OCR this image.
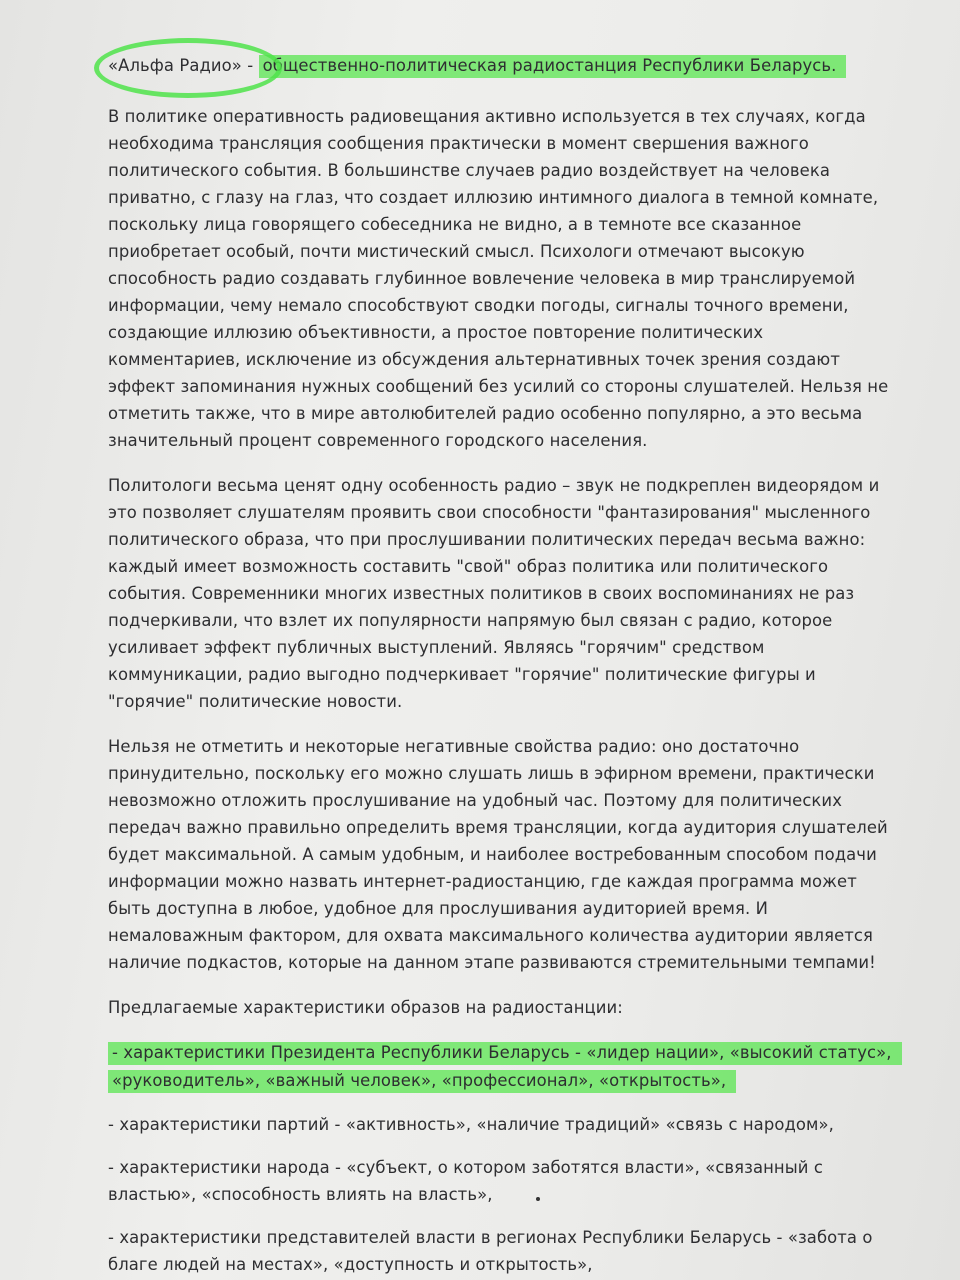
«Альфа Радио» - общественно-политическая радиостанция Республики Беларусь.

В политике оперативность радиовещания активно используется в тех случаях, когда необходима трансляция сообщения практически в момент свершения важного политического события. В большинстве случаев радио воздействует на человека приватно, с глазу на глаз, что создает иллюзию интимного диалога в темной комнате, поскольку лица говорящего собеседника не видно, а в темноте все сказанное приобретает особый, почти мистический смысл. Психологи отмечают высокую способность радио создавать глубинное вовлечение человека в мир транслируемой информации, чему немало способствуют сводки погоды, сигналы точного времени, создающие иллюзию объективности, а простое повторение политических комментариев, исключение из обсуждения альтернативных точек зрения создают эффект запоминания нужных сообщений без усилий со стороны слушателей. Нельзя не отметить также, что в мире автолюбителей радио особенно популярно, а это весьма значительный процент современного городского населения.

Политологи весьма ценят одну особенность радио – звук не подкреплен видеорядом и это позволяет слушателям проявить свои способности "фантазирования" мысленного политического образа, что при прослушивании политических передач весьма важно: каждый имеет возможность составить "свой" образ политика или политического события. Современники многих известных политиков в своих воспоминаниях не раз подчеркивали, что взлет их популярности напрямую был связан с радио, которое усиливает эффект публичных выступлений. Являясь "горячим" средством коммуникации, радио выгодно подчеркивает "горячие" политические фигуры и "горячие" политические новости.

Нельзя не отметить и некоторые негативные свойства радио: оно достаточно принудительно, поскольку его можно слушать лишь в эфирном времени, практически невозможно отложить прослушивание на удобный час. Поэтому для политических передач важно правильно определить время трансляции, когда аудитория слушателей будет максимальной. А самым удобным, и наиболее востребованным способом подачи информации можно назвать интернет-радиостанцию, где каждая программа может быть доступна в любое, удобное для прослушивания аудиторией время. И немаловажным фактором, для охвата максимального количества аудитории является наличие подкастов, которые на данном этапе развиваются стремительными темпами!

Предлагаемые характеристики образов на радиостанции:

- характеристики Президента Республики Беларусь - «лидер нации», «высокий статус», «руководитель», «важный человек», «профессионал», «открытость»,

- характеристики партий - «активность», «наличие традиций» «связь с народом»,

- характеристики народа - «субъект, о котором заботятся власти», «связанный с властью», «способность влиять на власть»,

- характеристики представителей власти в регионах Республики Беларусь - «забота о благе людей на местах», «доступность и открытость»,
